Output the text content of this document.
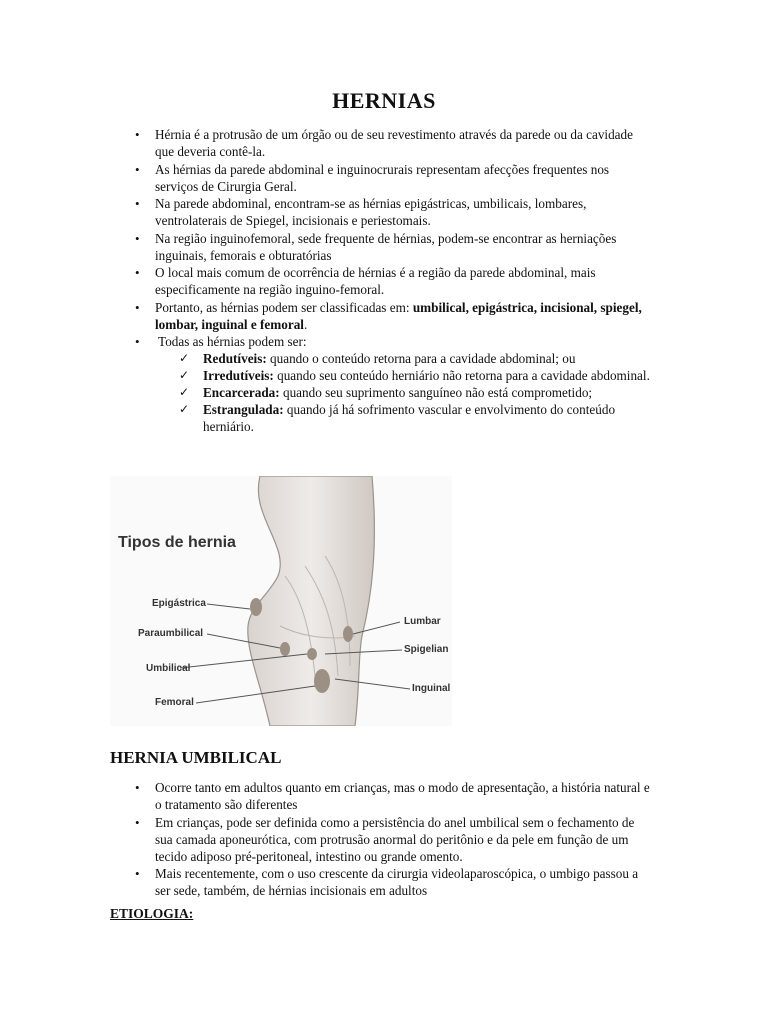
HERNIAS
• Hérnia é a protrusão de um órgão ou de seu revestimento através da parede ou da cavidade que deveria contê-la.
• As hérnias da parede abdominal e inguinocrurais representam afecções frequentes nos serviços de Cirurgia Geral.
• Na parede abdominal, encontram-se as hérnias epigástricas, umbilicais, lombares, ventrolaterais de Spiegel, incisionais e periestomais.
• Na região inguinofemoral, sede frequente de hérnias, podem-se encontrar as herniações inguinais, femorais e obturatórias
• O local mais comum de ocorrência de hérnias é a região da parede abdominal, mais especificamente na região inguino-femoral.
• Portanto, as hérnias podem ser classificadas em: umbilical, epigástrica, incisional, spiegel, lombar, inguinal e femoral.
•  Todas as hérnias podem ser:
✓ Redutíveis: quando o conteúdo retorna para a cavidade abdominal; ou
✓ Irredutíveis: quando seu conteúdo herniário não retorna para a cavidade abdominal.
✓ Encarcerada: quando seu suprimento sanguíneo não está comprometido;
✓ Estrangulada: quando já há sofrimento vascular e envolvimento do conteúdo herniário.
Tipos de hernia
Epigástrica
Paraumbilical
Umbilical
Femoral
Lumbar
Spigelian
Inguinal
HERNIA UMBILICAL
• Ocorre tanto em adultos quanto em crianças, mas o modo de apresentação, a história natural e o tratamento são diferentes
• Em crianças, pode ser definida como a persistência do anel umbilical sem o fechamento de sua camada aponeurótica, com protrusão anormal do peritônio e da pele em função de um tecido adiposo pré-peritoneal, intestino ou grande omento.
• Mais recentemente, com o uso crescente da cirurgia videolaparoscópica, o umbigo passou a ser sede, também, de hérnias incisionais em adultos
ETIOLOGIA:
